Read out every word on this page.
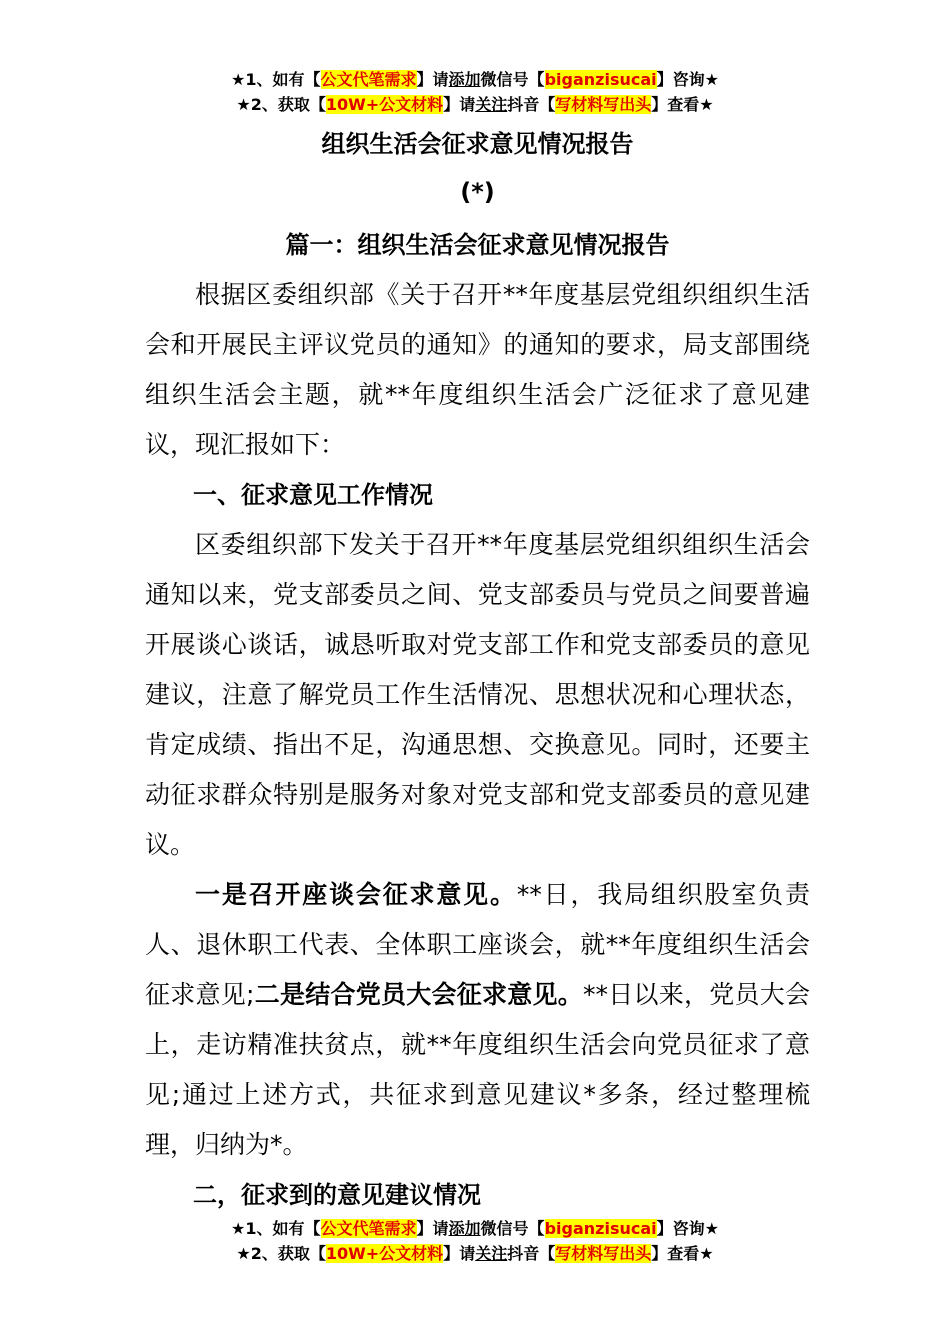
★1、如有【公文代笔需求】请添加微信号【biganzisucai】咨询★
★2、获取【10W+公文材料】请关注抖音【写材料写出头】查看★
组织生活会征求意见情况报告
(*)
篇一：组织生活会征求意见情况报告

根据区委组织部《关于召开**年度基层党组织组织生活会和开展民主评议党员的通知》的通知的要求，局支部围绕组织生活会主题，就**年度组织生活会广泛征求了意见建议，现汇报如下：

一、征求意见工作情况

区委组织部下发关于召开**年度基层党组织组织生活会通知以来，党支部委员之间、党支部委员与党员之间要普遍开展谈心谈话，诚恳听取对党支部工作和党支部委员的意见建议，注意了解党员工作生活情况、思想状况和心理状态，肯定成绩、指出不足，沟通思想、交换意见。同时，还要主动征求群众特别是服务对象对党支部和党支部委员的意见建议。

一是召开座谈会征求意见。**日，我局组织股室负责人、退休职工代表、全体职工座谈会，就**年度组织生活会征求意见;二是结合党员大会征求意见。**日以来，党员大会上，走访精准扶贫点，就**年度组织生活会向党员征求了意见;通过上述方式，共征求到意见建议*多条，经过整理梳理，归纳为*。

二，征求到的意见建议情况
★1、如有【公文代笔需求】请添加微信号【biganzisucai】咨询★
★2、获取【10W+公文材料】请关注抖音【写材料写出头】查看★
